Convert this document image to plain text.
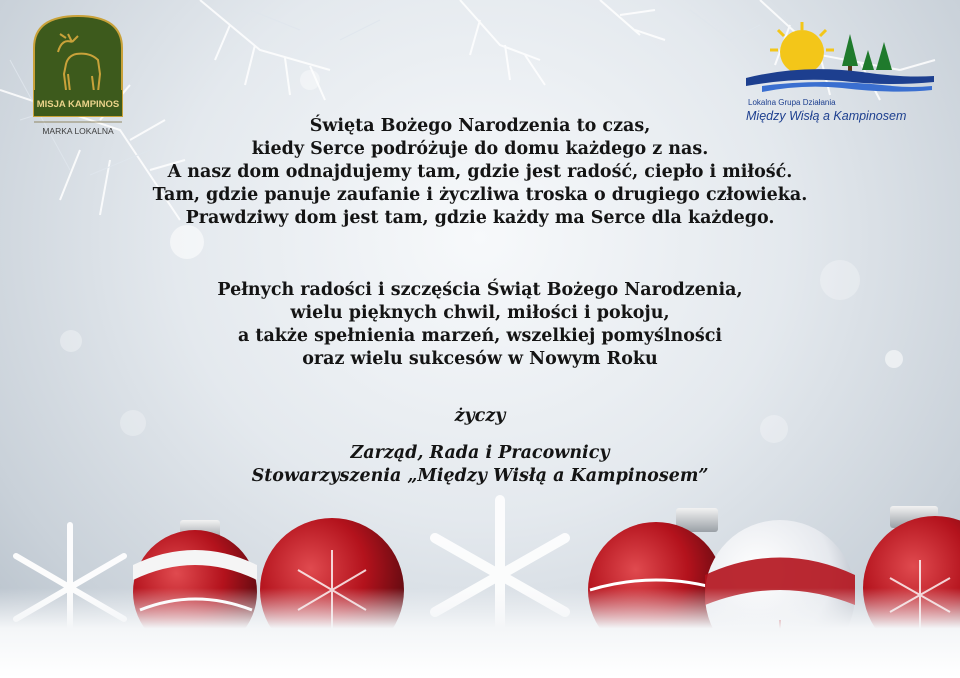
MISJA KAMPINOS
MARKA LOKALNA
Lokalna Grupa Działania
Między Wisłą a Kampinosem
Święta Bożego Narodzenia to czas,
kiedy Serce podróżuje do domu każdego z nas.
A nasz dom odnajdujemy tam, gdzie jest radość, ciepło i miłość.
Tam, gdzie panuje zaufanie i życzliwa troska o drugiego człowieka.
Prawdziwy dom jest tam, gdzie każdy ma Serce dla każdego.
Pełnych radości i szczęścia Świąt Bożego Narodzenia,
wielu pięknych chwil, miłości i pokoju,
a także spełnienia marzeń, wszelkiej pomyślności
oraz wielu sukcesów w Nowym Roku
życzy
Zarząd, Rada i Pracownicy
Stowarzyszenia „Między Wisłą a Kampinosem”
